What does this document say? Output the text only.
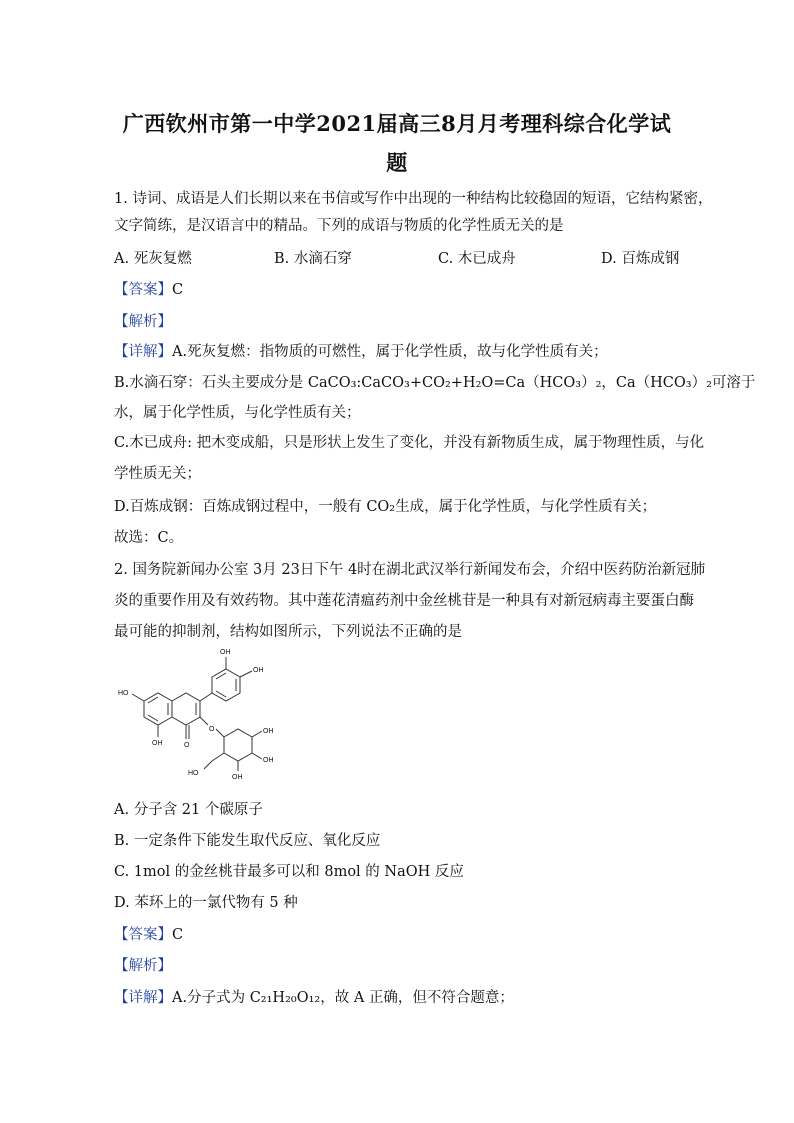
广西钦州市第一中学2021届高三8月月考理科综合化学试
题
1. 诗词、成语是人们长期以来在书信或写作中出现的一种结构比较稳固的短语，它结构紧密，
文字简练，是汉语言中的精品。下列的成语与物质的化学性质无关的是
A. 死灰复燃	B. 水滴石穿	C. 木已成舟	D. 百炼成钢
【答案】C
【解析】
【详解】A.死灰复燃：指物质的可燃性，属于化学性质，故与化学性质有关；
B.水滴石穿：石头主要成分是 CaCO₃:CaCO₃+CO₂+H₂O=Ca（HCO₃）₂，Ca（HCO₃）₂可溶于
水，属于化学性质，与化学性质有关；
C.木已成舟: 把木变成船，只是形状上发生了变化，并没有新物质生成，属于物理性质，与化
学性质无关；
D.百炼成钢：百炼成钢过程中，一般有 CO₂生成，属于化学性质，与化学性质有关；
故选：C。
2. 国务院新闻办公室 3月 23日下午 4时在湖北武汉举行新闻发布会，介绍中医药防治新冠肺
炎的重要作用及有效药物。其中莲花清瘟药剂中金丝桃苷是一种具有对新冠病毒主要蛋白酶
最可能的抑制剂，结构如图所示，下列说法不正确的是
HO
OH	O
OH
OH
O	OH
OH
OH
HO
A. 分子含 21 个碳原子
B. 一定条件下能发生取代反应、氧化反应
C. 1mol 的金丝桃苷最多可以和 8mol 的 NaOH 反应
D. 苯环上的一氯代物有 5 种
【答案】C
【解析】
【详解】A.分子式为 C₂₁H₂₀O₁₂，故 A 正确，但不符合题意；
